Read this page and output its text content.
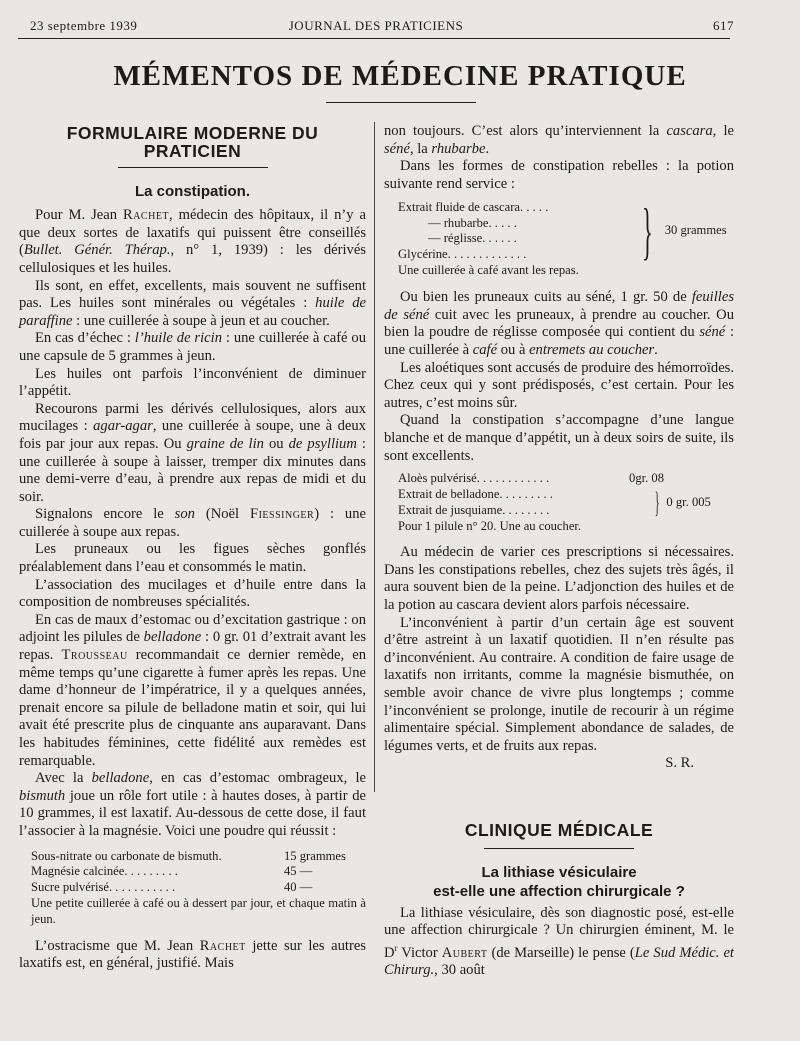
23 septembre 1939	JOURNAL DES PRATICIENS	617
MÉMENTOS DE MÉDECINE PRATIQUE
FORMULAIRE MODERNE DU PRATICIEN
La constipation.

Pour M. Jean Rachet, médecin des hôpitaux, il n’y a que deux sortes de laxatifs qui puissent être conseillés (Bullet. Génér. Thérap., n° 1, 1939) : les dérivés cellulosiques et les huiles.

Ils sont, en effet, excellents, mais souvent ne suffisent pas. Les huiles sont minérales ou végétales : huile de paraffine : une cuillerée à soupe à jeun et au coucher.

En cas d’échec : l’huile de ricin : une cuillerée à café ou une capsule de 5 grammes à jeun.

Les huiles ont parfois l’inconvénient de diminuer l’appétit.

Recourons parmi les dérivés cellulosiques, alors aux mucilages : agar-agar, une cuillerée à soupe, une à deux fois par jour aux repas. Ou graine de lin ou de psyllium : une cuillerée à soupe à laisser, tremper dix minutes dans une demi-verre d’eau, à prendre aux repas de midi et du soir.

Signalons encore le son (Noël Fiessinger) : une cuillerée à soupe aux repas.

Les pruneaux ou les figues sèches gonflés préalablement dans l’eau et consommés le matin.

L’association des mucilages et d’huile entre dans la composition de nombreuses spécialités.

En cas de maux d’estomac ou d’excitation gastrique : on adjoint les pilules de belladone : 0 gr. 01 d’extrait avant les repas. Trousseau recommandait ce dernier remède, en même temps qu’une cigarette à fumer après les repas. Une dame d’honneur de l’impératrice, il y a quelques années, prenait encore sa pilule de belladone matin et soir, qui lui avait été prescrite plus de cinquante ans auparavant. Dans les habitudes féminines, cette fidélité aux remèdes est remarquable.

Avec la belladone, en cas d’estomac ombrageux, le bismuth joue un rôle fort utile : à hautes doses, à partir de 10 grammes, il est laxatif. Au-dessous de cette dose, il faut l’associer à la magnésie. Voici une poudre qui réussit :

Sous-nitrate ou carbonate de bismuth.	15 grammes
Magnésie calcinée . . . . . . . . .	45 —
Sucre pulvérisé . . . . . . . . . . .	40 —
Une petite cuillerée à café ou à dessert par jour, et chaque matin à jeun.

L’ostracisme que M. Jean Rachet jette sur les autres laxatifs est, en général, justifié. Mais

non toujours. C’est alors qu’interviennent la cascara, le séné, la rhubarbe.

Dans les formes de constipation rebelles : la potion suivante rend service :

Extrait fluide de cascara . . . . .
— rhubarbe . . . . .
— réglisse . . . . . .
Glycérine . . . . . . . . . . . . .	} 30 grammes
Une cuillerée à café avant les repas.

Ou bien les pruneaux cuits au séné, 1 gr. 50 de feuilles de séné cuit avec les pruneaux, à prendre au coucher. Ou bien la poudre de réglisse composée qui contient du séné : une cuillerée à café ou à entremets au coucher.

Les aloétiques sont accusés de produire des hémorroïdes. Chez ceux qui y sont prédisposés, c’est certain. Pour les autres, c’est moins sûr.

Quand la constipation s’accompagne d’une langue blanche et de manque d’appétit, un à deux soirs de suite, ils sont excellents.

Aloès pulvérisé . . . . . . . . . . . .	0gr. 08
Extrait de belladone . . . . . . . . .
Extrait de jusquiame . . . . . . . .	} 0 gr. 005
Pour 1 pilule n° 20. Une au coucher.

Au médecin de varier ces prescriptions si nécessaires. Dans les constipations rebelles, chez des sujets très âgés, il aura souvent bien de la peine. L’adjonction des huiles et de la potion au cascara devient alors parfois nécessaire.

L’inconvénient à partir d’un certain âge est souvent d’être astreint à un laxatif quotidien. Il n’en résulte pas d’inconvénient. Au contraire. A condition de faire usage de laxatifs non irritants, comme la magnésie bismuthée, on semble avoir chance de vivre plus longtemps ; comme l’inconvénient se prolonge, inutile de recourir à un régime alimentaire spécial. Simplement abondance de salades, de légumes verts, et de fruits aux repas.

S. R.
CLINIQUE MÉDICALE
La lithiase vésiculaire
est-elle une affection chirurgicale ?

La lithiase vésiculaire, dès son diagnostic posé, est-elle une affection chirurgicale ? Un chirurgien éminent, M. le $D^r$ Victor Aubert (de Marseille) le pense (Le Sud Médic. et Chirurg., 30 août
